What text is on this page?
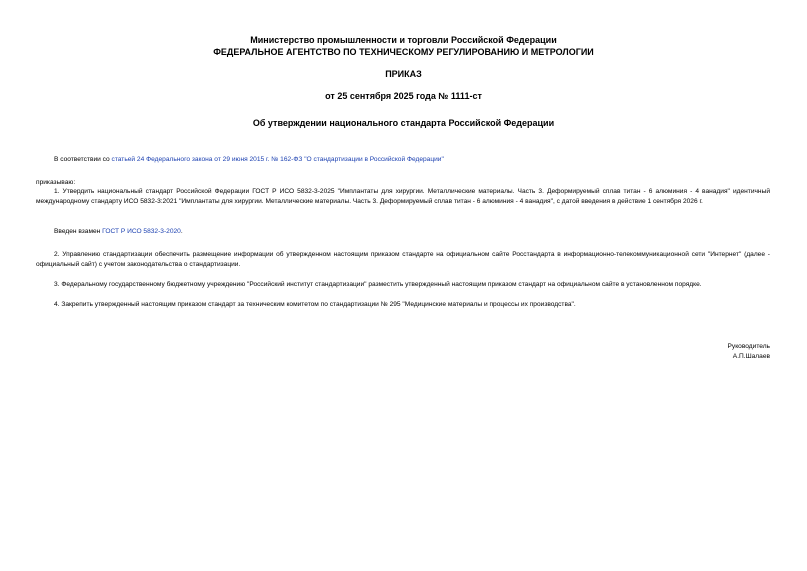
Министерство промышленности и торговли Российской Федерации
ФЕДЕРАЛЬНОЕ АГЕНТСТВО ПО ТЕХНИЧЕСКОМУ РЕГУЛИРОВАНИЮ И МЕТРОЛОГИИ
ПРИКАЗ
от 25 сентября 2025 года № 1111-ст
Об утверждении национального стандарта Российской Федерации
В соответствии со статьей 24 Федерального закона от 29 июня 2015 г. № 162-ФЗ "О стандартизации в Российской Федерации"
приказываю:
1. Утвердить национальный стандарт Российской Федерации ГОСТ Р ИСО 5832-3-2025 "Имплантаты для хирургии. Металлические материалы. Часть 3. Деформируемый сплав титан - 6 алюминия - 4 ванадия" идентичный международному стандарту ИСО 5832-3:2021 "Имплантаты для хирургии. Металлические материалы. Часть 3. Деформируемый сплав титан - 6 алюминия - 4 ванадия", с датой введения в действие 1 сентября 2026 г.
Введен взамен ГОСТ Р ИСО 5832-3-2020.
2. Управлению стандартизации обеспечить размещение информации об утвержденном настоящим приказом стандарте на официальном сайте Росстандарта в информационно-телекоммуникационной сети "Интернет" (далее - официальный сайт) с учетом законодательства о стандартизации.
3. Федеральному государственному бюджетному учреждению "Российский институт стандартизации" разместить утвержденный настоящим приказом стандарт на официальном сайте в установленном порядке.
4. Закрепить утвержденный настоящим приказом стандарт за техническим комитетом по стандартизации № 295 "Медицинские материалы и процессы их производства".
Руководитель
А.П.Шалаев
